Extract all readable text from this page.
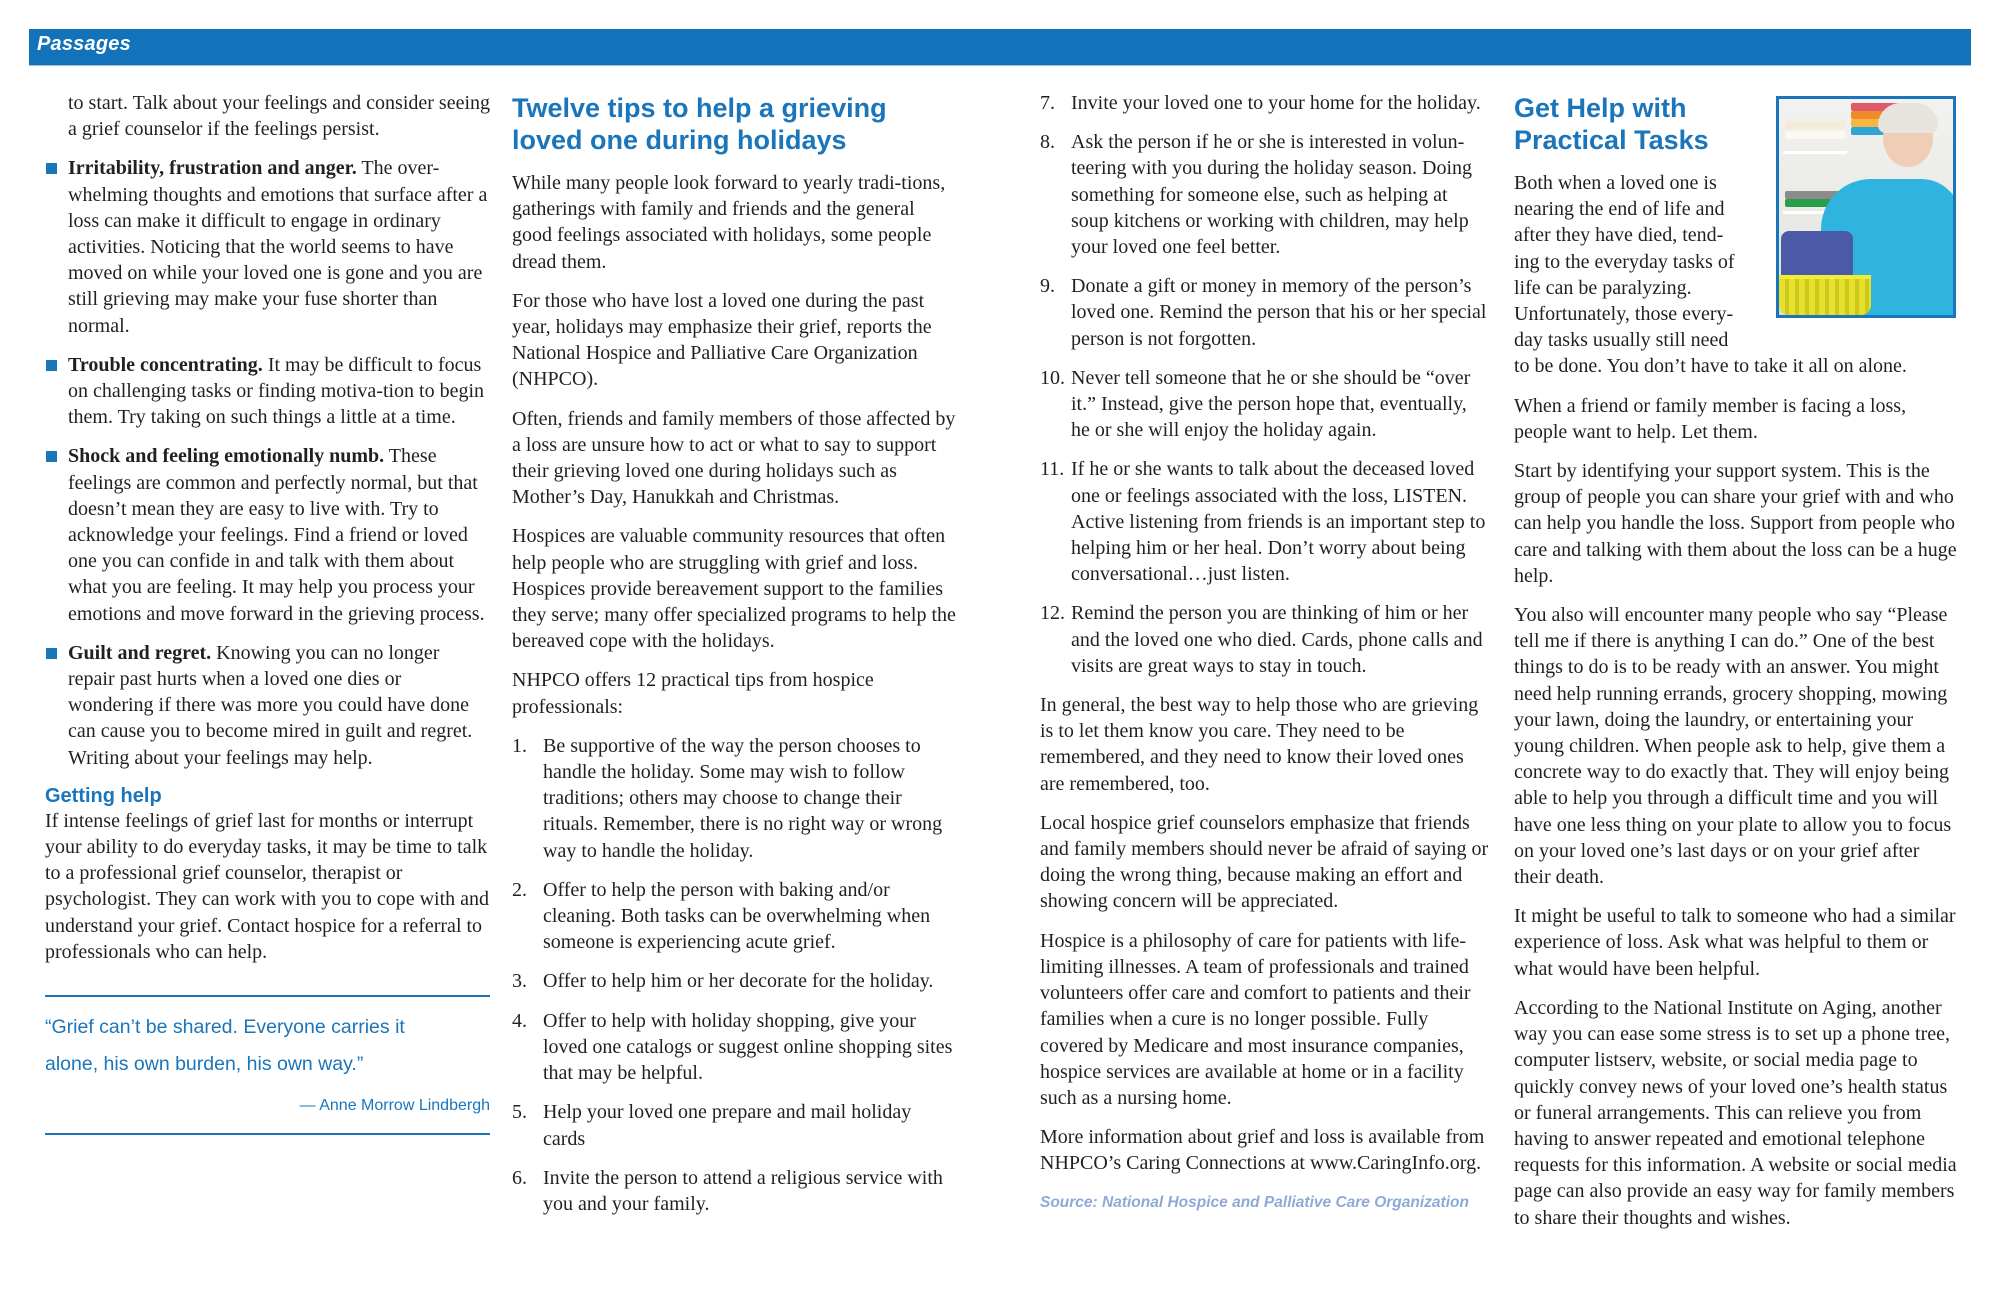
Passages

to start. Talk about your feelings and consider seeing a grief counselor if the feelings persist.

Irritability, frustration and anger. The over-whelming thoughts and emotions that surface after a loss can make it difficult to engage in ordinary activities. Noticing that the world seems to have moved on while your loved one is gone and you are still grieving may make your fuse shorter than normal.
Trouble concentrating. It may be difficult to focus on challenging tasks or finding motiva-tion to begin them. Try taking on such things a little at a time.
Shock and feeling emotionally numb. These feelings are common and perfectly normal, but that doesn’t mean they are easy to live with. Try to acknowledge your feelings. Find a friend or loved one you can confide in and talk with them about what you are feeling. It may help you process your emotions and move forward in the grieving process.
Guilt and regret. Knowing you can no longer repair past hurts when a loved one dies or wondering if there was more you could have done can cause you to become mired in guilt and regret. Writing about your feelings may help.
Getting help

If intense feelings of grief last for months or interrupt your ability to do everyday tasks, it may be time to talk to a professional grief counselor, therapist or psychologist. They can work with you to cope with and understand your grief. Contact hospice for a referral to professionals who can help.

“Grief can’t be shared. Everyone carries it alone, his own burden, his own way.”
— Anne Morrow Lindbergh
Twelve tips to help a grieving loved one during holidays

While many people look forward to yearly tradi-tions, gatherings with family and friends and the general good feelings associated with holidays, some people dread them.

For those who have lost a loved one during the past year, holidays may emphasize their grief, reports the National Hospice and Palliative Care Organization (NHPCO).

Often, friends and family members of those affected by a loss are unsure how to act or what to say to support their grieving loved one during holidays such as Mother’s Day, Hanukkah and Christmas.

Hospices are valuable community resources that often help people who are struggling with grief and loss. Hospices provide bereavement support to the families they serve; many offer specialized programs to help the bereaved cope with the holidays.

NHPCO offers 12 practical tips from hospice professionals:

1. Be supportive of the way the person chooses to handle the holiday. Some may wish to follow traditions; others may choose to change their rituals. Remember, there is no right way or wrong way to handle the holiday.
2. Offer to help the person with baking and/or cleaning. Both tasks can be overwhelming when someone is experiencing acute grief.
3. Offer to help him or her decorate for the holiday.
4. Offer to help with holiday shopping, give your loved one catalogs or suggest online shopping sites that may be helpful.
5. Help your loved one prepare and mail holiday cards
6. Invite the person to attend a religious service with you and your family.
7. Invite your loved one to your home for the holiday.
8. Ask the person if he or she is interested in volun-teering with you during the holiday season. Doing something for someone else, such as helping at soup kitchens or working with children, may help your loved one feel better.
9. Donate a gift or money in memory of the person’s loved one. Remind the person that his or her special person is not forgotten.
10. Never tell someone that he or she should be “over it.” Instead, give the person hope that, eventually, he or she will enjoy the holiday again.
11. If he or she wants to talk about the deceased loved one or feelings associated with the loss, LISTEN. Active listening from friends is an important step to helping him or her heal. Don’t worry about being conversational…just listen.
12. Remind the person you are thinking of him or her and the loved one who died. Cards, phone calls and visits are great ways to stay in touch.

In general, the best way to help those who are grieving is to let them know you care. They need to be remembered, and they need to know their loved ones are remembered, too.

Local hospice grief counselors emphasize that friends and family members should never be afraid of saying or doing the wrong thing, because making an effort and showing concern will be appreciated.

Hospice is a philosophy of care for patients with life-limiting illnesses. A team of professionals and trained volunteers offer care and comfort to patients and their families when a cure is no longer possible. Fully covered by Medicare and most insurance companies, hospice services are available at home or in a facility such as a nursing home.

More information about grief and loss is available from NHPCO’s Caring Connections at www.CaringInfo.org.

Source: National Hospice and Palliative Care Organization
Get Help with Practical Tasks
Both when a loved one is
nearing the end of life and
after they have died, tend-
ing to the everyday tasks of
life can be paralyzing.
Unfortunately, those every-
day tasks usually still need

to be done. You don’t have to take it all on alone.

When a friend or family member is facing a loss, people want to help. Let them.

Start by identifying your support system. This is the group of people you can share your grief with and who can help you handle the loss. Support from people who care and talking with them about the loss can be a huge help.

You also will encounter many people who say “Please tell me if there is anything I can do.” One of the best things to do is to be ready with an answer. You might need help running errands, grocery shopping, mowing your lawn, doing the laundry, or entertaining your young children. When people ask to help, give them a concrete way to do exactly that. They will enjoy being able to help you through a difficult time and you will have one less thing on your plate to allow you to focus on your loved one’s last days or on your grief after their death.

It might be useful to talk to someone who had a similar experience of loss. Ask what was helpful to them or what would have been helpful.

According to the National Institute on Aging, another way you can ease some stress is to set up a phone tree, computer listserv, website, or social media page to quickly convey news of your loved one’s health status or funeral arrangements. This can relieve you from having to answer repeated and emotional telephone requests for this information. A website or social media page can also provide an easy way for family members to share their thoughts and wishes.
